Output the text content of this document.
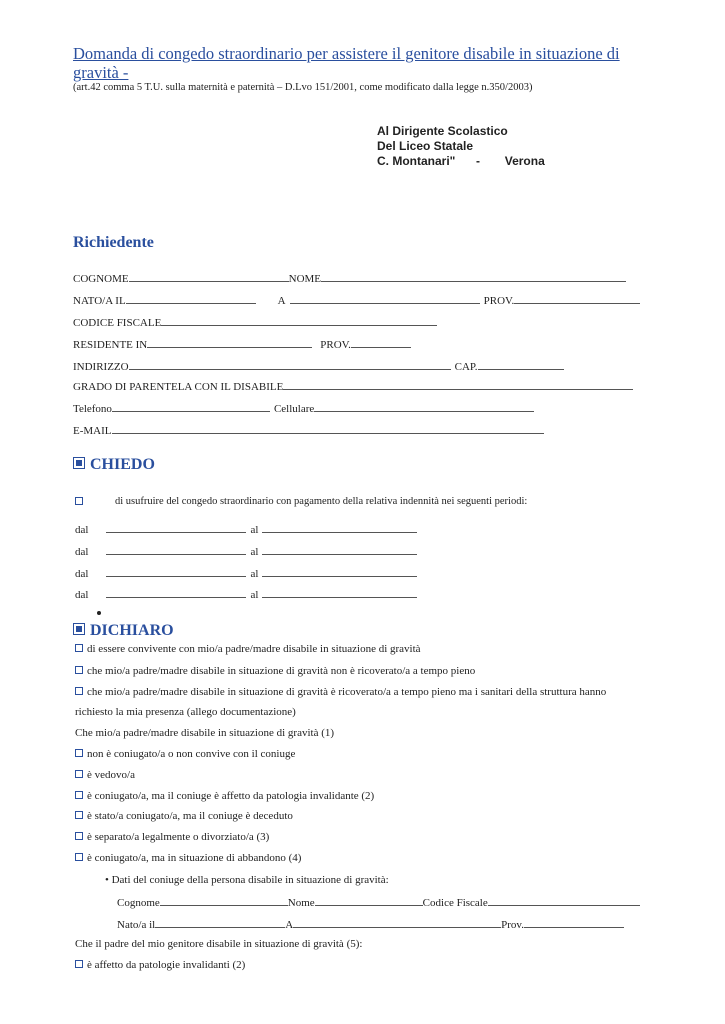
Domanda di congedo straordinario per assistere il genitore disabile in situazione di gravità -
(art.42 comma 5 T.U. sulla maternità e paternità – D.Lvo 151/2001, come modificato dalla legge n.350/2003)
Al Dirigente Scolastico
Del Liceo Statale
C. Montanari" - Verona
Richiedente
COGNOME	NOME
NATO/A IL	A	PROV.
CODICE FISCALE
RESIDENTE IN	PROV.
INDIRIZZO	CAP.
GRADO DI PARENTELA CON IL DISABILE
Telefono	Cellulare
E-MAIL
CHIEDO
di usufruire del congedo straordinario con pagamento della relativa indennità nei seguenti periodi:
dal	al
dal	al
dal	al
dal	al
DICHIARO
di essere convivente con mio/a padre/madre disabile in situazione di gravità
che mio/a padre/madre disabile in situazione di gravità non è ricoverato/a a tempo pieno
che mio/a padre/madre disabile in situazione di gravità è ricoverato/a a tempo pieno ma i sanitari della struttura hanno
richiesto la mia presenza (allego documentazione)
Che mio/a padre/madre disabile in situazione di gravità (1)
non è coniugato/a o non convive con il coniuge
è vedovo/a
è coniugato/a, ma il coniuge è affetto da patologia invalidante (2)
è stato/a coniugato/a, ma il coniuge è deceduto
è separato/a legalmente o divorziato/a (3)
è coniugato/a, ma in situazione di abbandono (4)
• Dati del coniuge della persona disabile in situazione di gravità:
Cognome	Nome	Codice Fiscale
Nato/a il	A	Prov.
Che il padre del mio genitore disabile in situazione di gravità (5):
è affetto da patologie invalidanti (2)
